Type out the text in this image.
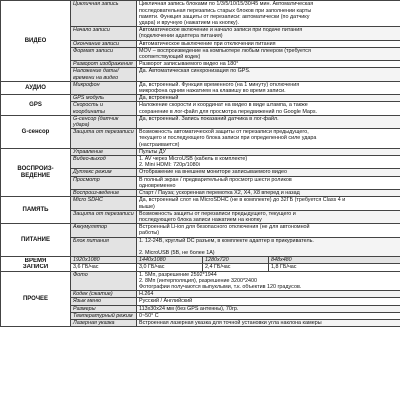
ВИДЕО	Цикличная запись	Цикличная запись блоками по 1/3/5/10/15/30/45 мин. Автоматическая
последовательная перезапись старых блоков при заполнении карты
памяти. Функция защиты от перезаписи: автоматически (по датчику
удара) и вручную (нажатием на кнопку).		

	Начало записи	Автоматическое включение и начало записи при подаче питания
(подключении адаптера питания)		

	Окончание записи	Автоматическое выключение при отключении питания		

	Формат записи	MOV – воспроизведение на компьютере любым плеером (требуется
соответствующий кодек)		

	Разворот изображения	Разворот записываемого видео на 180°		

	Наложение даты/ времени на видео	Да. Автоматическая синхронизация по GPS.		

АУДИО	Микрофон	Да, встроенный. Функция временного (на 1 минуту) отключения
микрофона одним нажатием на клавишу во время записи.		

GPS	GPS модуль	Да, встроенный		

	Скорость и координаты	Наложение скорости и координат на видео в виде штампа, а также
сохранение в лог-файл для просмотра передвижений по Google Maps.		

G-сенсор	G-сенсор (датчик удара)	Да, встроенный. Запись показаний датчика в лог-файл.		

	Защита от перезаписи	Возможность автоматической защиты от перезаписи предыдущего,
текущего и последующего блока записи при определенной силе удара
(настраивается)		

ВОСПРОИЗ-ВЕДЕНИЕ	Управление	Пульты ДУ		

	Видео-выход	1. AV через MicroUSB (кабель в комплекте)
2. Mini HDMI: 720p/1080i		

	Дуплекс режим	Отображение на внешнем мониторе записываемого видео		

	Просмотр	В полный экран / предварительный просмотр шести роликов
одновременно		

	Воспроиз-ведение	Старт / Пауза; ускоренная перемотка X2, X4, X8 вперед и назад		

ПАМЯТЬ	Micro SDHC	Да, встроенный слот на MicroSDHC (не в комплекте) до 32ГБ (требуется Class 4 и
выше)		

	Защита от перезаписи	Возможность защиты от перезаписи предыдущего, текущего и
последующего блока записи нажатием на кнопку		

ПИТАНИЕ	Аккумулятор	Встроенный Li-ion для безопасного отключения (не для автономной
работы)		

	Блок питания	1. 12-24В, круглый DC разъем, в комплекте адаптер в прикуриватель.

2. MicroUSB (5В, не более 1А)		

ВРЕМЯ
ЗАПИСИ	1920x1080	1440x1080	1280x720	848x480
	3,6 ГБ/час	3,0 ГБ/час	2,4 ГБ/час	1,8 ГБ/час
ПРОЧЕЕ	Фото	1. 5Мп, разрешение 2592*1944
2. 8Мп (интерполяция), разрешение 3200*2400
Фотографии получаются выпуклыми, т.к. объектив 120 градусов.		

	Кодек (сжатие)	H.264		

	Язык меню	Русский / Английский		

	Размеры	113x30x24 мм (без GPS антенны), 70гр.		

	Температурный режим	0~50° C		

	Лазерная указка	Встроенная лазерная указка для точной установки угла наклона камеры		
